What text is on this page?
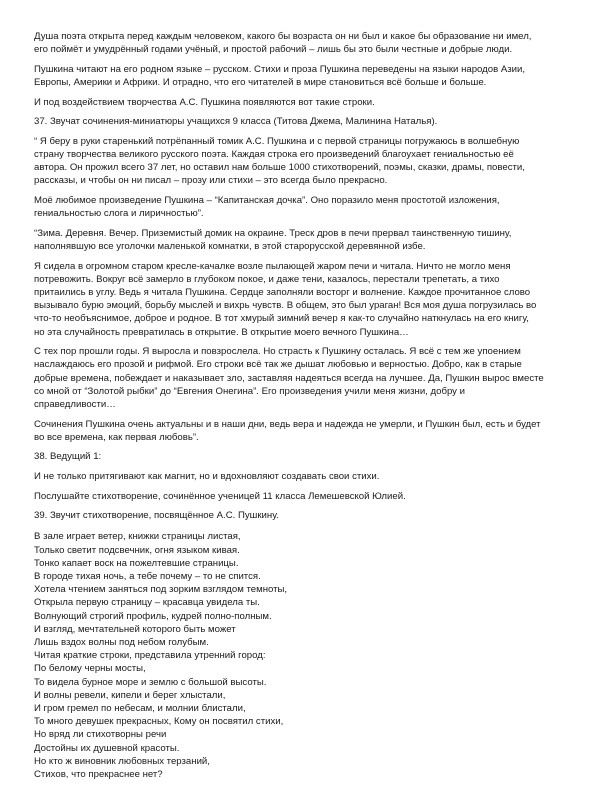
Душа поэта открыта перед каждым человеком, какого бы возраста он ни был и какое бы образование ни имел,
его поймёт и умудрённый годами учёный, и простой рабочий – лишь бы это были честные и добрые люди.

Пушкина читают на его родном языке – русском. Стихи и проза Пушкина переведены на языки народов Азии,
Европы, Америки и Африки. И отрадно, что его читателей в мире становиться всё больше и больше.

И под воздействием творчества А.С. Пушкина появляются вот такие строки.

37. Звучат сочинения-миниатюры учащихся 9 класса (Титова Джема, Малинина Наталья).

“ Я беру в руки старенький потрёпанный томик А.С. Пушкина и с первой страницы погружаюсь в волшебную
страну творчества великого русского поэта. Каждая строка его произведений благоухает гениальностью её
автора. Он прожил всего 37 лет, но оставил нам больше 1000 стихотворений, поэмы, сказки, драмы, повести,
рассказы, и чтобы он ни писал – прозу или стихи – это всегда было прекрасно.

Моё любимое произведение Пушкина – “Капитанская дочка”. Оно поразило меня простотой изложения,
гениальностью слога и лиричностью”.

“Зима. Деревня. Вечер. Приземистый домик на окраине. Треск дров в печи прервал таинственную тишину,
наполнявшую все уголочки маленькой комнатки, в этой старорусской деревянной избе.

Я сидела в огромном старом кресле-качалке возле пылающей жаром печи и читала. Ничто не могло меня
потревожить. Вокруг всё замерло в глубоком покое, и даже тени, казалось, перестали трепетать, а тихо
притаились в углу. Ведь я читала Пушкина. Сердце заполняли восторг и волнение. Каждое прочитанное слово
вызывало бурю эмоций, борьбу мыслей и вихрь чувств. В общем, это был ураган! Вся моя душа погрузилась во
что-то необъяснимое, доброе и родное. В тот хмурый зимний вечер я как-то случайно наткнулась на его книгу,
но эта случайность превратилась в открытие. В открытие моего вечного Пушкина…

С тех пор прошли годы. Я выросла и повзрослела. Но страсть к Пушкину осталась. Я всё с тем же упоением
наслаждаюсь его прозой и рифмой. Его строки всё так же дышат любовью и верностью. Добро, как в старые
добрые времена, побеждает и наказывает зло, заставляя надеяться всегда на лучшее. Да, Пушкин вырос вместе
со мной от “Золотой рыбки” до “Евгения Онегина”. Его произведения учили меня жизни, добру и
справедливости…

Сочинения Пушкина очень актуальны и в наши дни, ведь вера и надежда не умерли, и Пушкин был, есть и будет
во все времена, как первая любовь”.

38. Ведущий 1:

И не только притягивают как магнит, но и вдохновляют создавать свои стихи.

Послушайте стихотворение, сочинённое ученицей 11 класса Лемешевской Юлией.

39. Звучит стихотворение, посвящённое А.С. Пушкину.

В зале играет ветер, книжки страницы листая,
Только светит подсвечник, огня языком кивая.
Тонко капает воск на пожелтевшие страницы.
В городе тихая ночь, а тебе почему – то не спится.
Хотела чтением заняться под зорким взглядом темноты,
Открыла первую страницу – красавца увидела ты.
Волнующий строгий профиль, кудрей полно-полным.
И взгляд, мечтательней которого быть может
Лишь вздох волны под небом голубым.
Читая краткие строки, представила утренний город:
По белому черны мосты,
То видела бурное море и землю с большой высоты.
И волны ревели, кипели и берег хлыстали,
И гром гремел по небесам, и молнии блистали,
То много девушек прекрасных, Кому он посвятил стихи,
Но вряд ли стихотворны речи
Достойны их душевной красоты.
Но кто ж виновник любовных терзаний,
Стихов, что прекраснее нет?
